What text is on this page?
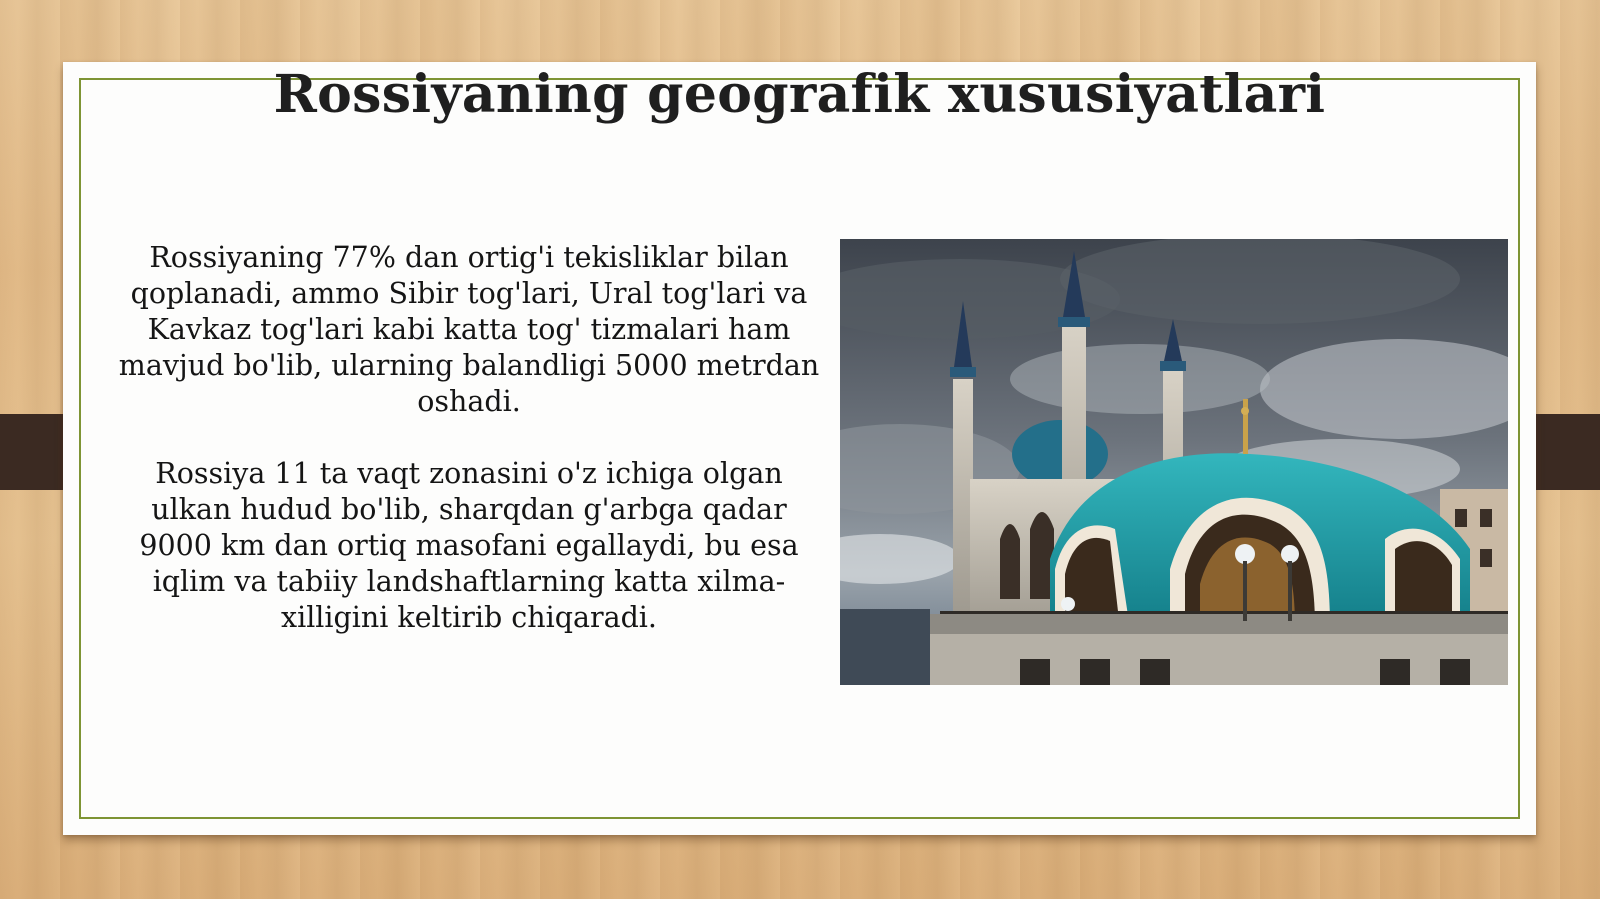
Rossiyaning geografik xususiyatlari

Rossiyaning 77% dan ortig'i tekisliklar bilan qoplanadi, ammo Sibir tog'lari, Ural tog'lari va Kavkaz tog'lari kabi katta tog' tizmalari ham mavjud bo'lib, ularning balandligi 5000 metrdan oshadi.

Rossiya 11 ta vaqt zonasini o'z ichiga olgan ulkan hudud bo'lib, sharqdan g'arbga qadar 9000 km dan ortiq masofani egallaydi, bu esa iqlim va tabiiy landshaftlarning katta xilma-xilligini keltirib chiqaradi.
